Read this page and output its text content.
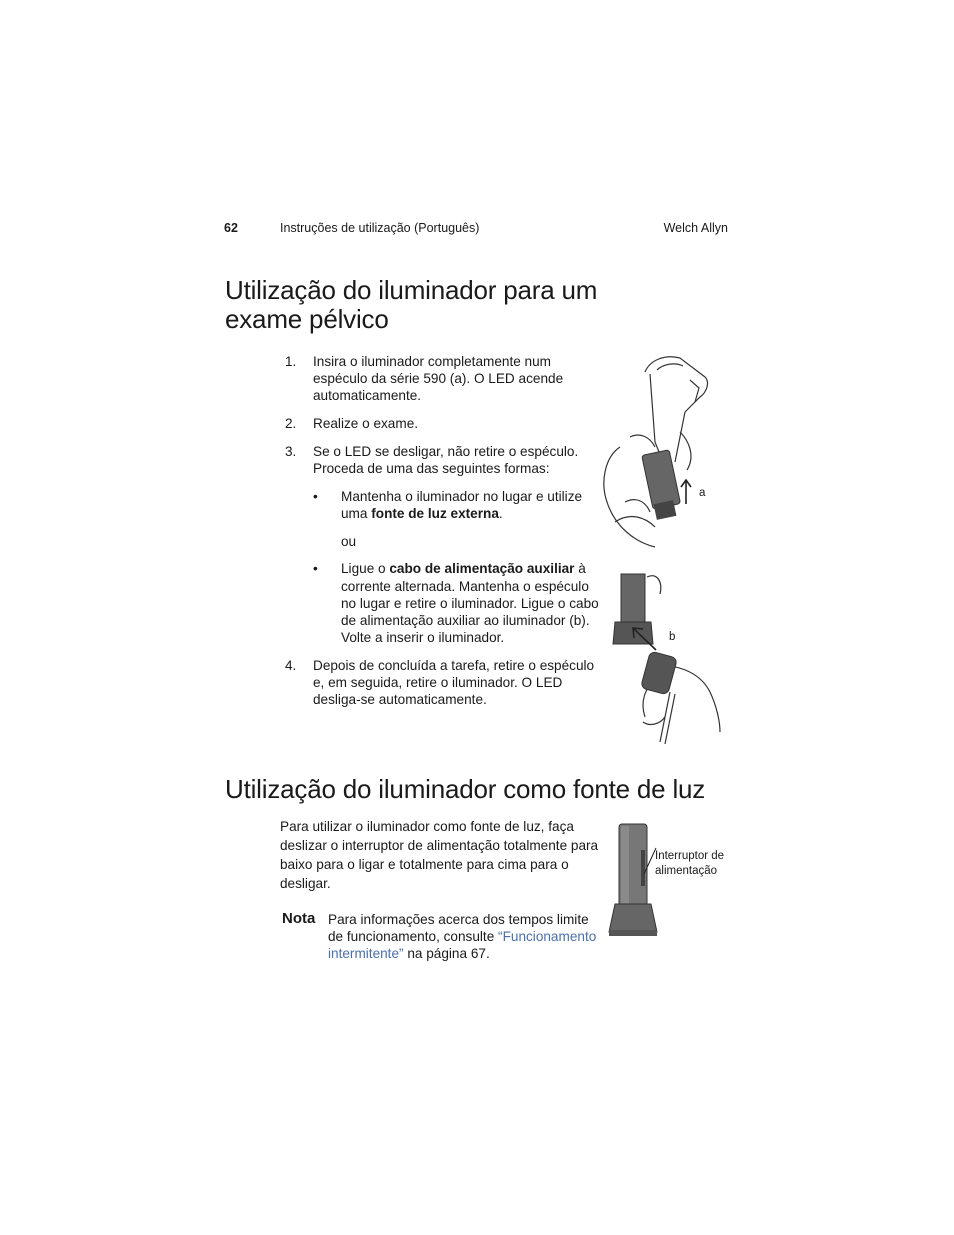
62	Instruções de utilização (Português)	Welch Allyn
Utilização do iluminador para um
exame pélvico
1. Insira o iluminador completamente num espéculo da série 590 (a). O LED acende automaticamente.
2. Realize o exame.
3. Se o LED se desligar, não retire o espéculo. Proceda de uma das seguintes formas:
• Mantenha o iluminador no lugar e utilize uma fonte de luz externa.
ou
• Ligue o cabo de alimentação auxiliar à corrente alternada. Mantenha o espéculo no lugar e retire o iluminador. Ligue o cabo de alimentação auxiliar ao iluminador (b). Volte a inserir o iluminador.
4. Depois de concluída a tarefa, retire o espéculo e, em seguida, retire o iluminador. O LED desliga-se automaticamente.
a
b
Utilização do iluminador como fonte de luz
Para utilizar o iluminador como fonte de luz, faça deslizar o interruptor de alimentação totalmente para baixo para o ligar e totalmente para cima para o desligar.
Interruptor de
alimentação
Nota Para informações acerca dos tempos limite de funcionamento, consulte “Funcionamento intermitente” na página 67.
